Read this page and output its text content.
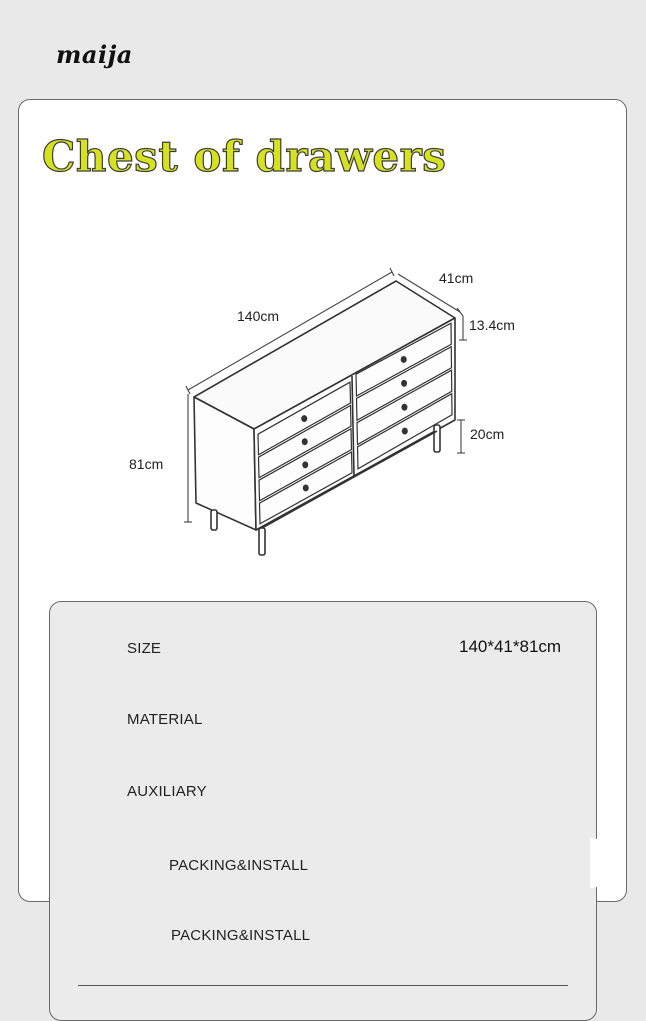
maija
Chest of drawers
140cm
41cm
81cm
13.4cm
20cm
SIZE	140*41*81cm
MATERIAL
AUXILIARY
PACKING&INSTALL
PACKING&INSTALL
